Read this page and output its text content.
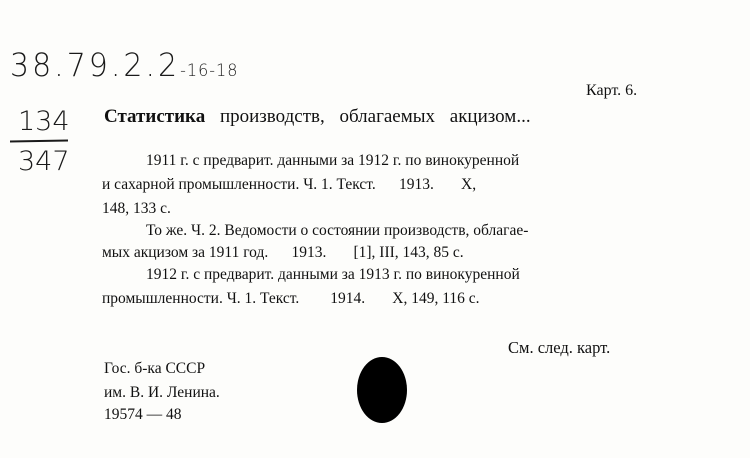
38.79.2.2-16-18
134
347
Карт. 6.
Статистика производств, облагаемых акцизом...
1911 г. с предварит. данными за 1912 г. по винокуренной
и сахарной промышленности. Ч. 1. Текст.      1913.       X,
148, 133 с.
То же. Ч. 2. Ведомости о состоянии производств, облагае-
мых акцизом за 1911 год.      1913.       [1], III, 143, 85 с.
1912 г. с предварит. данными за 1913 г. по винокуренной
промышленности. Ч. 1. Текст.        1914.       X, 149, 116 с.
См. след. карт.
Гос. б-ка СССР
им. В. И. Ленина.
19574 — 48
